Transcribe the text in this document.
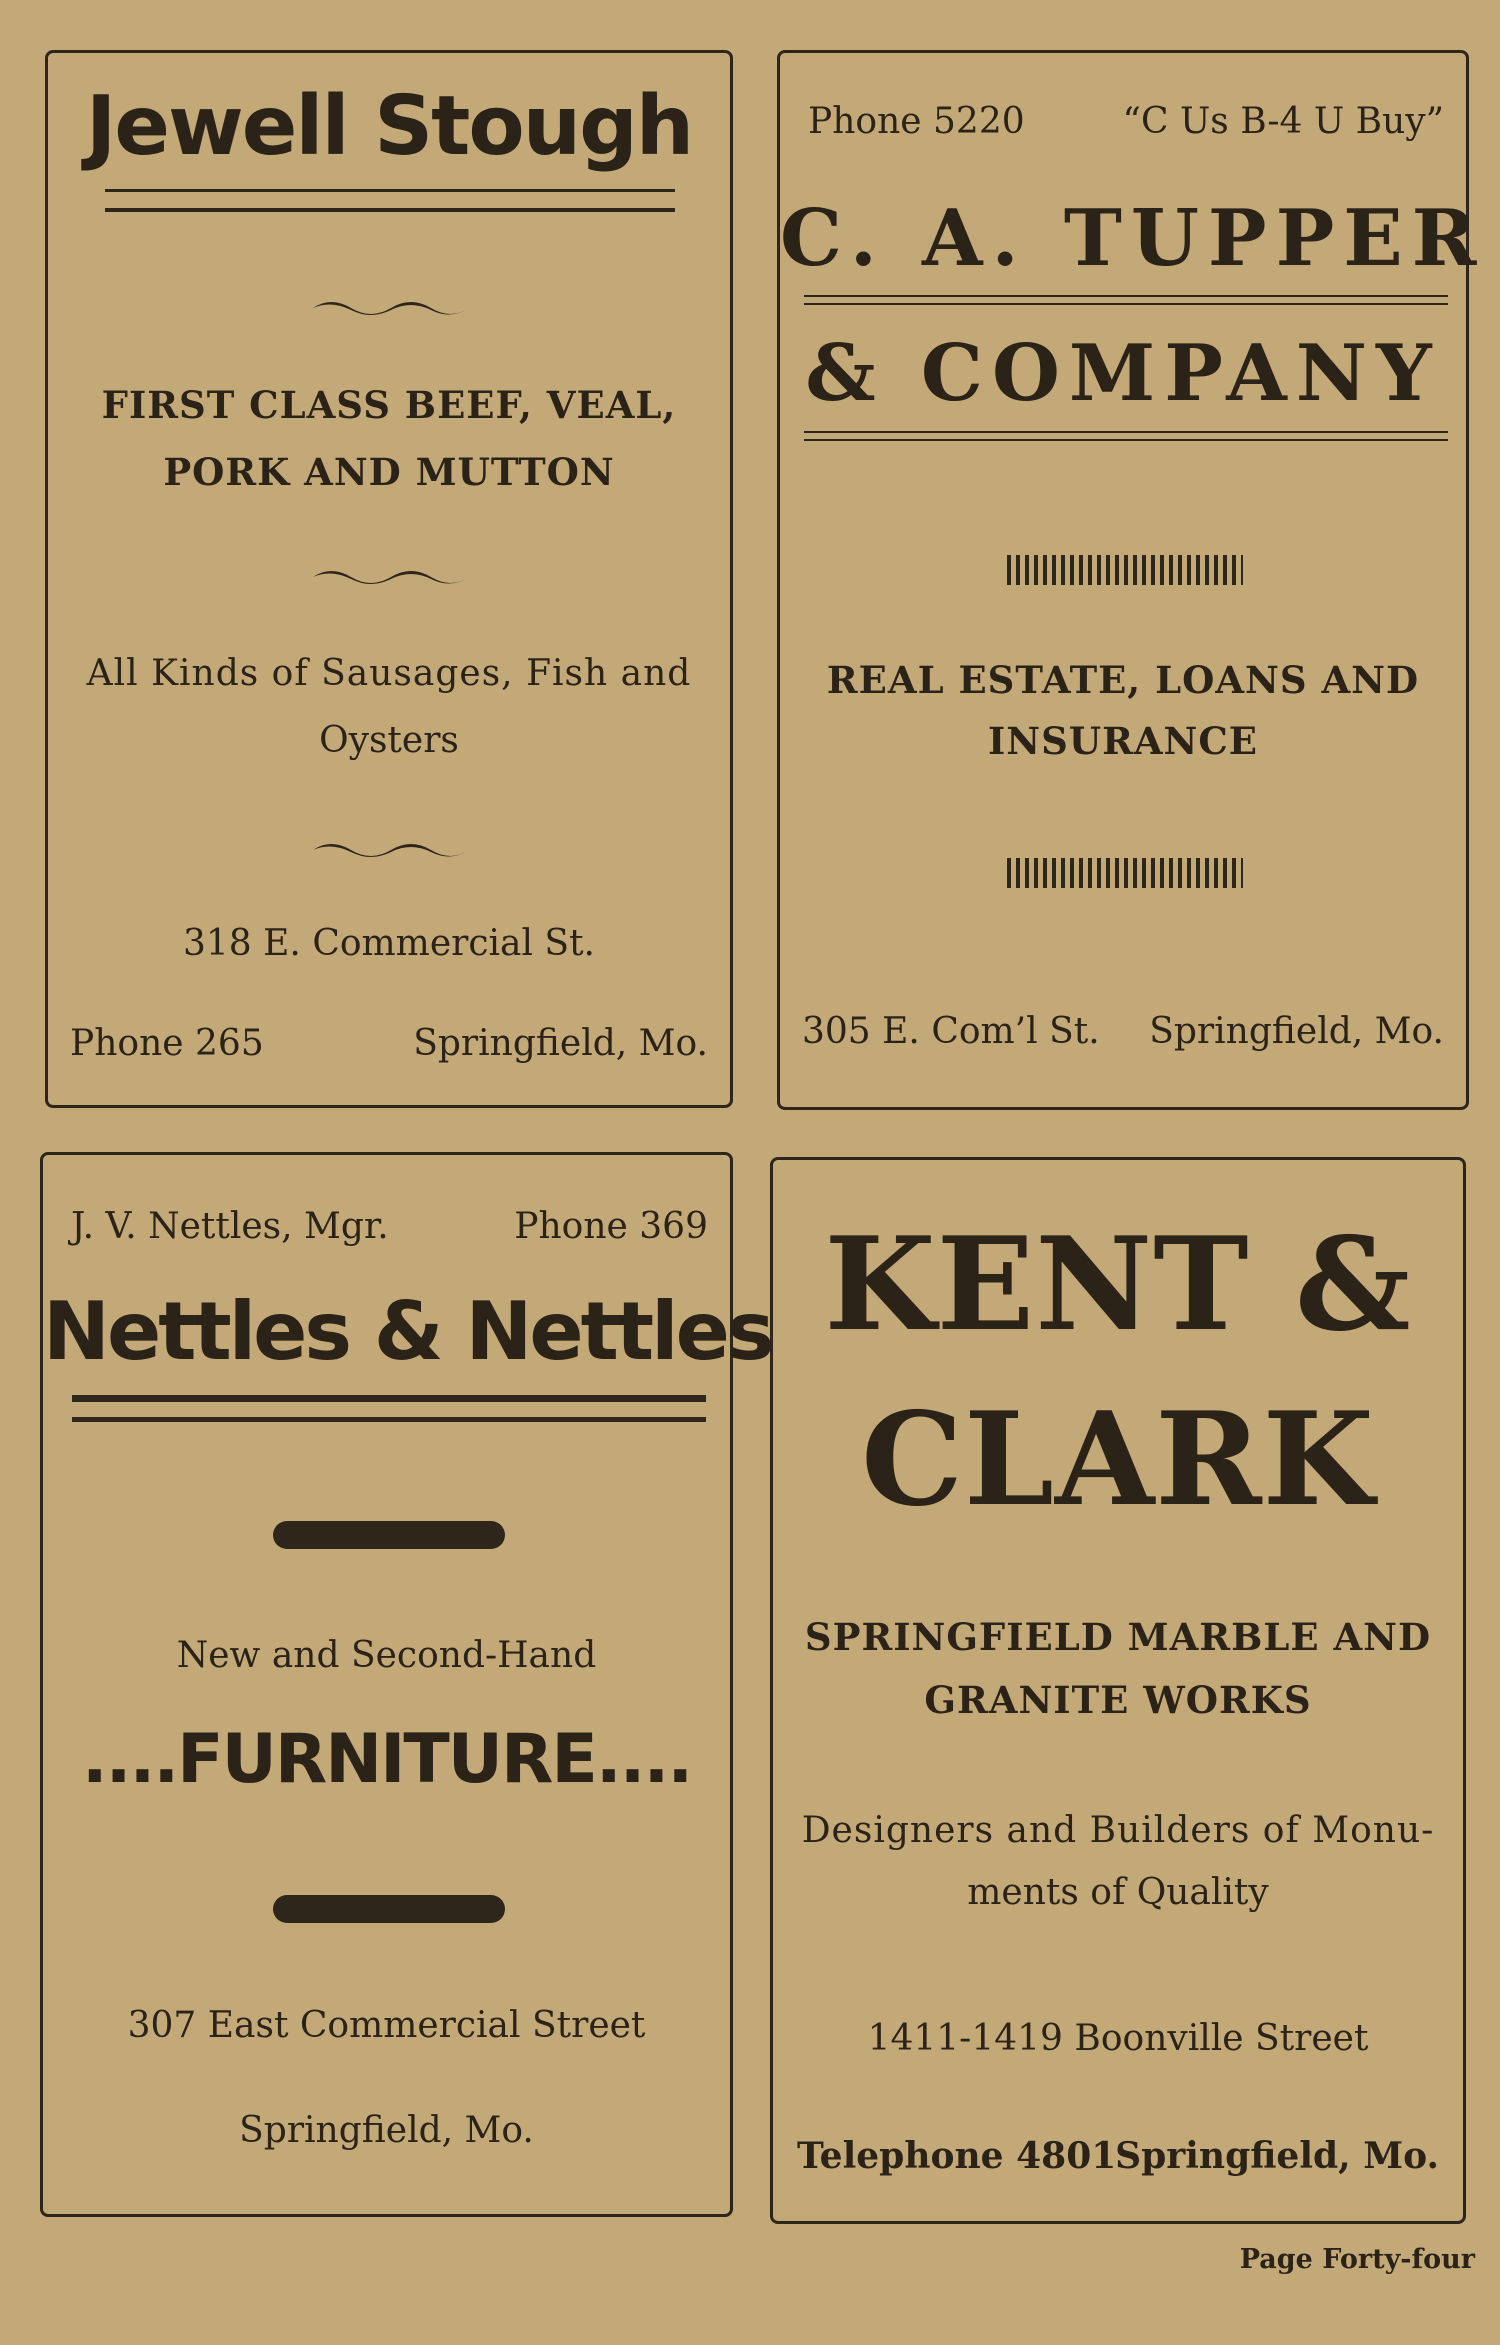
Jewell Stough
FIRST CLASS BEEF, VEAL,
PORK AND MUTTON
All Kinds of Sausages, Fish and
Oysters
318 E. Commercial St.
Phone 265	Springfield, Mo.
Phone 5220	“C Us B-4 U Buy”
C. A. TUPPER
& COMPANY
REAL ESTATE, LOANS AND
INSURANCE
305 E. Com’l St. Springfield, Mo.
J. V. Nettles, Mgr.	Phone 369
Nettles & Nettles
New and Second-Hand
....FURNITURE....
307 East Commercial Street
Springfield, Mo.
KENT &
CLARK
SPRINGFIELD MARBLE AND
GRANITE WORKS
Designers and Builders of Monu-
ments of Quality
1411-1419 Boonville Street
Telephone 4801
Springfield, Mo.
Page Forty-four
